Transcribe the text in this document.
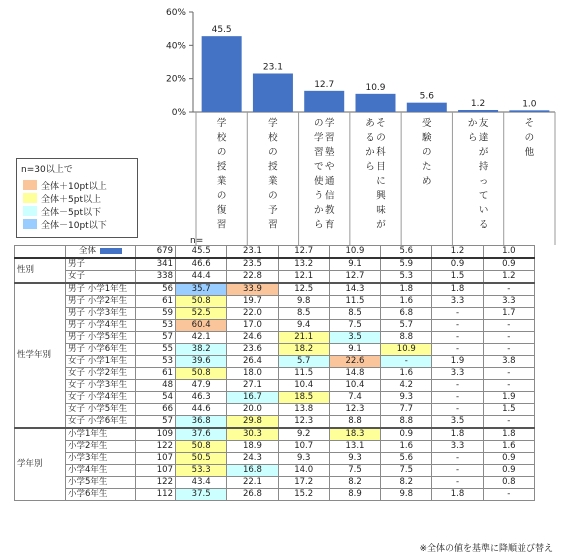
0%
20%
40%
60%
45.5
学校の授業の復習
23.1
学校の授業の予習
12.7
学習塾や通信教育
の学習で使うから
10.9
その科目に興味が
あるから
5.6
受験のため
1.2
友達が持っている
から
1.0
その他
n=30以上で
全体＋10pt以上
全体＋5pt以上
全体－5pt以下
全体－10pt以下
n=
	全体	679	45.5	23.1	12.7	10.9	5.6	1.2	1.0
性別	男子	341	46.6	23.5	13.2	9.1	5.9	0.9	0.9
	女子	338	44.4	22.8	12.1	12.7	5.3	1.5	1.2
性学年別	男子 小学1年生	56	35.7	33.9	12.5	14.3	1.8	1.8	-
	男子 小学2年生	61	50.8	19.7	9.8	11.5	1.6	3.3	3.3
	男子 小学3年生	59	52.5	22.0	8.5	8.5	6.8	-	1.7
	男子 小学4年生	53	60.4	17.0	9.4	7.5	5.7	-	-
	男子 小学5年生	57	42.1	24.6	21.1	3.5	8.8	-	-
	男子 小学6年生	55	38.2	23.6	18.2	9.1	10.9	-	-
	女子 小学1年生	53	39.6	26.4	5.7	22.6	-	1.9	3.8
	女子 小学2年生	61	50.8	18.0	11.5	14.8	1.6	3.3	-
	女子 小学3年生	48	47.9	27.1	10.4	10.4	4.2	-	-
	女子 小学4年生	54	46.3	16.7	18.5	7.4	9.3	-	1.9
	女子 小学5年生	66	44.6	20.0	13.8	12.3	7.7	-	1.5
	女子 小学6年生	57	36.8	29.8	12.3	8.8	8.8	3.5	-
学年別	小学1年生	109	37.6	30.3	9.2	18.3	0.9	1.8	1.8
	小学2年生	122	50.8	18.9	10.7	13.1	1.6	3.3	1.6
	小学3年生	107	50.5	24.3	9.3	9.3	5.6	-	0.9
	小学4年生	107	53.3	16.8	14.0	7.5	7.5	-	0.9
	小学5年生	122	43.4	22.1	17.2	8.2	8.2	-	0.8
	小学6年生	112	37.5	26.8	15.2	8.9	9.8	1.8	-
※全体の値を基準に降順並び替え
